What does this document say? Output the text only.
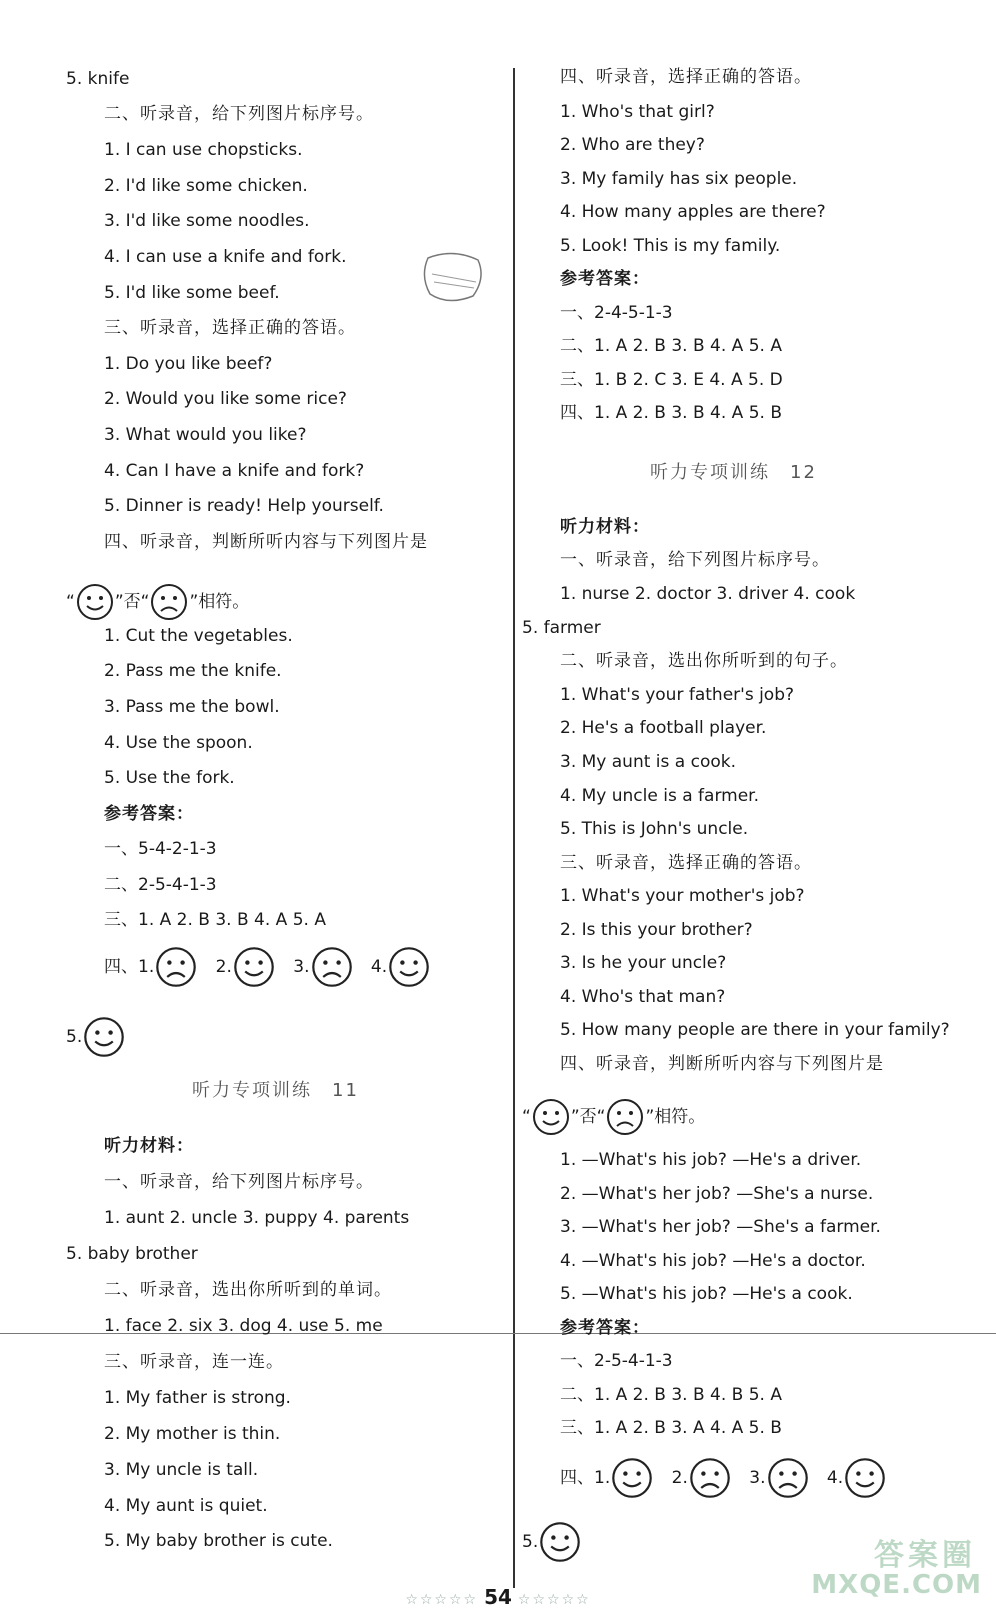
5. knife
二、听录音，给下列图片标序号。
1. I can use chopsticks.
2. I'd like some chicken.
3. I'd like some noodles.
4. I can use a knife and fork.
5. I'd like some beef.
三、听录音，选择正确的答语。
1. Do you like beef?
2. Would you like some rice?
3. What would you like?
4. Can I have a knife and fork?
5. Dinner is ready! Help yourself.
四、听录音，判断所听内容与下列图片是
“ ”否“ ”相符。
1. Cut the vegetables.
2. Pass me the knife.
3. Pass me the bowl.
4. Use the spoon.
5. Use the fork.
参考答案：
一、5-4-2-1-3
二、2-5-4-1-3
三、1. A 2. B 3. B 4. A 5. A
四、1.	2.	3.	4.
5.
听力专项训练　11
听力材料：
一、听录音，给下列图片标序号。
1. aunt 2. uncle 3. puppy 4. parents
5. baby brother
二、听录音，选出你所听到的单词。
1. face 2. six 3. dog 4. use 5. me
三、听录音，连一连。
1. My father is strong.
2. My mother is thin.
3. My uncle is tall.
4. My aunt is quiet.
5. My baby brother is cute.
四、听录音，选择正确的答语。
1. Who's that girl?
2. Who are they?
3. My family has six people.
4. How many apples are there?
5. Look! This is my family.
参考答案：
一、2-4-5-1-3
二、1. A 2. B 3. B 4. A 5. A
三、1. B 2. C 3. E 4. A 5. D
四、1. A 2. B 3. B 4. A 5. B
听力专项训练　12
听力材料：
一、听录音，给下列图片标序号。
1. nurse 2. doctor 3. driver 4. cook
5. farmer
二、听录音，选出你所听到的句子。
1. What's your father's job?
2. He's a football player.
3. My aunt is a cook.
4. My uncle is a farmer.
5. This is John's uncle.
三、听录音，选择正确的答语。
1. What's your mother's job?
2. Is this your brother?
3. Is he your uncle?
4. Who's that man?
5. How many people are there in your family?
四、听录音，判断所听内容与下列图片是
“ ”否“ ”相符。
1. —What's his job? —He's a driver.
2. —What's her job? —She's a nurse.
3. —What's her job? —She's a farmer.
4. —What's his job? —He's a doctor.
5. —What's his job? —He's a cook.
参考答案：
一、2-5-4-1-3
二、1. A 2. B 3. B 4. B 5. A
三、1. A 2. B 3. A 4. A 5. B
四、1.	2.	3.	4.
5.	答案圈
MXQE.COM
☆☆☆☆☆ 54 ☆☆☆☆☆
